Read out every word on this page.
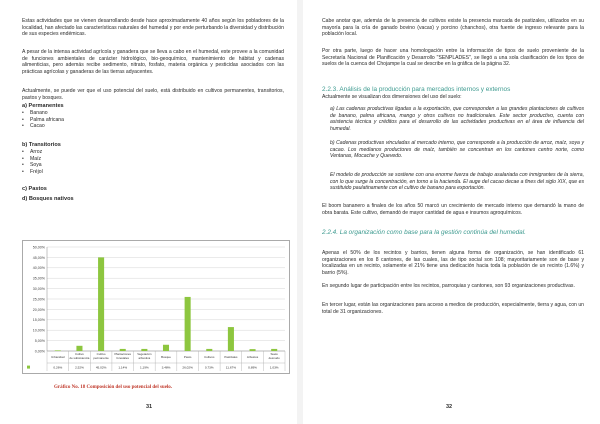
Estas actividades que se vienen desarrollando desde hace aproximadamente 40 años según los pobladores de la localidad, han afectado las características naturales del humedal y por ende perturbando la diversidad y distribución de sus especies endémicas.

A pesar de la intensa actividad agrícola y ganadera que se lleva a cabo en el humedal, este provee a la comunidad de funciones ambientales de carácter hidrológico, bio-geoquímico, mantenimiento de hábitat y cadenas alimenticias, pero además recibe sedimento, nitrato, fosfato, materia orgánica y pesticidas asociados con las prácticas agrícolas y ganaderas de las tierras adyacentes.

Actualmente, se puede ver que el uso potencial del suelo, está distribuido en cultivos permanentes, transitorios, pastos y bosques.

a) Permanentes

• Banano
• Palma africana
• Cacao

b) Transitorios

• Arroz
• Maíz
• Soya
• Fréjol

c) Pastos

d) Bosques nativos

0,00%
5,00%
10,00%
15,00%
20,00%
25,00%
30,00%
35,00%
40,00%
45,00%
50,00%
Urbanidad
0,26%
Cultivo
de subsistencia
2,52%
Cultivo
permanente
45,02%
Plantaciones
forestales
1,14%
Vegetación
arbustiva
1,19%
Bosque
3,48%
Pasto
26,02%
Cultivos
0,73%
Pastizales
11,67%
Arbustos
0,89%
Suelo
desnudo
1,03%

Gráfico No. 18 Composición del uso potencial del suelo.

31

Cabe anotar que, además de la presencia de cultivos existe la presencia marcada de pastizales, utilizados en su mayoría para la cría de ganado bovino (vacas) y porcino (chanchos), otra fuente de ingreso relevante para la población local.

Por otra parte, luego de hacer una homologación entre la información de tipos de suelo proveniente de la Secretaría Nacional de Planificación y Desarrollo "SENPLADES", se llegó a una sola clasificación de los tipos de suelos de la cuenca del Chojampe la cual se describe en la gráfica de la página 32.

2.2.3. Análisis de la producción para mercados internos y externos

Actualmente se visualizan dos dimensiones del uso del suelo:

a) Las cadenas productivas ligadas a la exportación, que corresponden a las grandes plantaciones de cultivos de banano, palma africana, mango y otros cultivos no tradicionales. Este sector productivo, cuenta con asistencia técnica y créditos para el desarrollo de las actividades productivas en el área de influencia del humedal.

b) Cadenas productivas vinculadas al mercado interno, que corresponde a la producción de arroz, maíz, soya y cacao. Los medianos productores de maíz, también se concentran en los cantones centro norte, como Ventanas, Mocache y Quevedo.

El modelo de producción se sostiene con una enorme fuerza de trabajo asalariada con inmigrantes de la sierra, con lo que surge la concentración, en torno a la hacienda. El auge del cacao decae a fines del siglo XIX, que es sustituido paulatinamente con el cultivo de banano para exportación.

El boom bananero a finales de los años 50 marcó un crecimiento de mercado interno que demandó la mano de obra barata. Este cultivo, demandó de mayor cantidad de agua e insumos agroquímicos.

2.2.4. La organización como base para la gestión continúa del humedal.

Apenas el 50% de los recintos y barrios, tienen alguna forma de organización, se han identificado 61 organizaciones en los 8 cantones, de las cuales, las de tipo social son 108; mayoritariamente son de base y localizadas en un recinto, solamente el 21% tiene una dedicación hacia toda la población de un recinto (1.6%) y barrio (5%).

En segundo lugar de participación entre los recintos, parroquias y cantones, son 93 organizaciones productivas.

En tercer lugar, están las organizaciones para acceso a medios de producción, especialmente, tierra y agua, con un total de 31 organizaciones.

32
